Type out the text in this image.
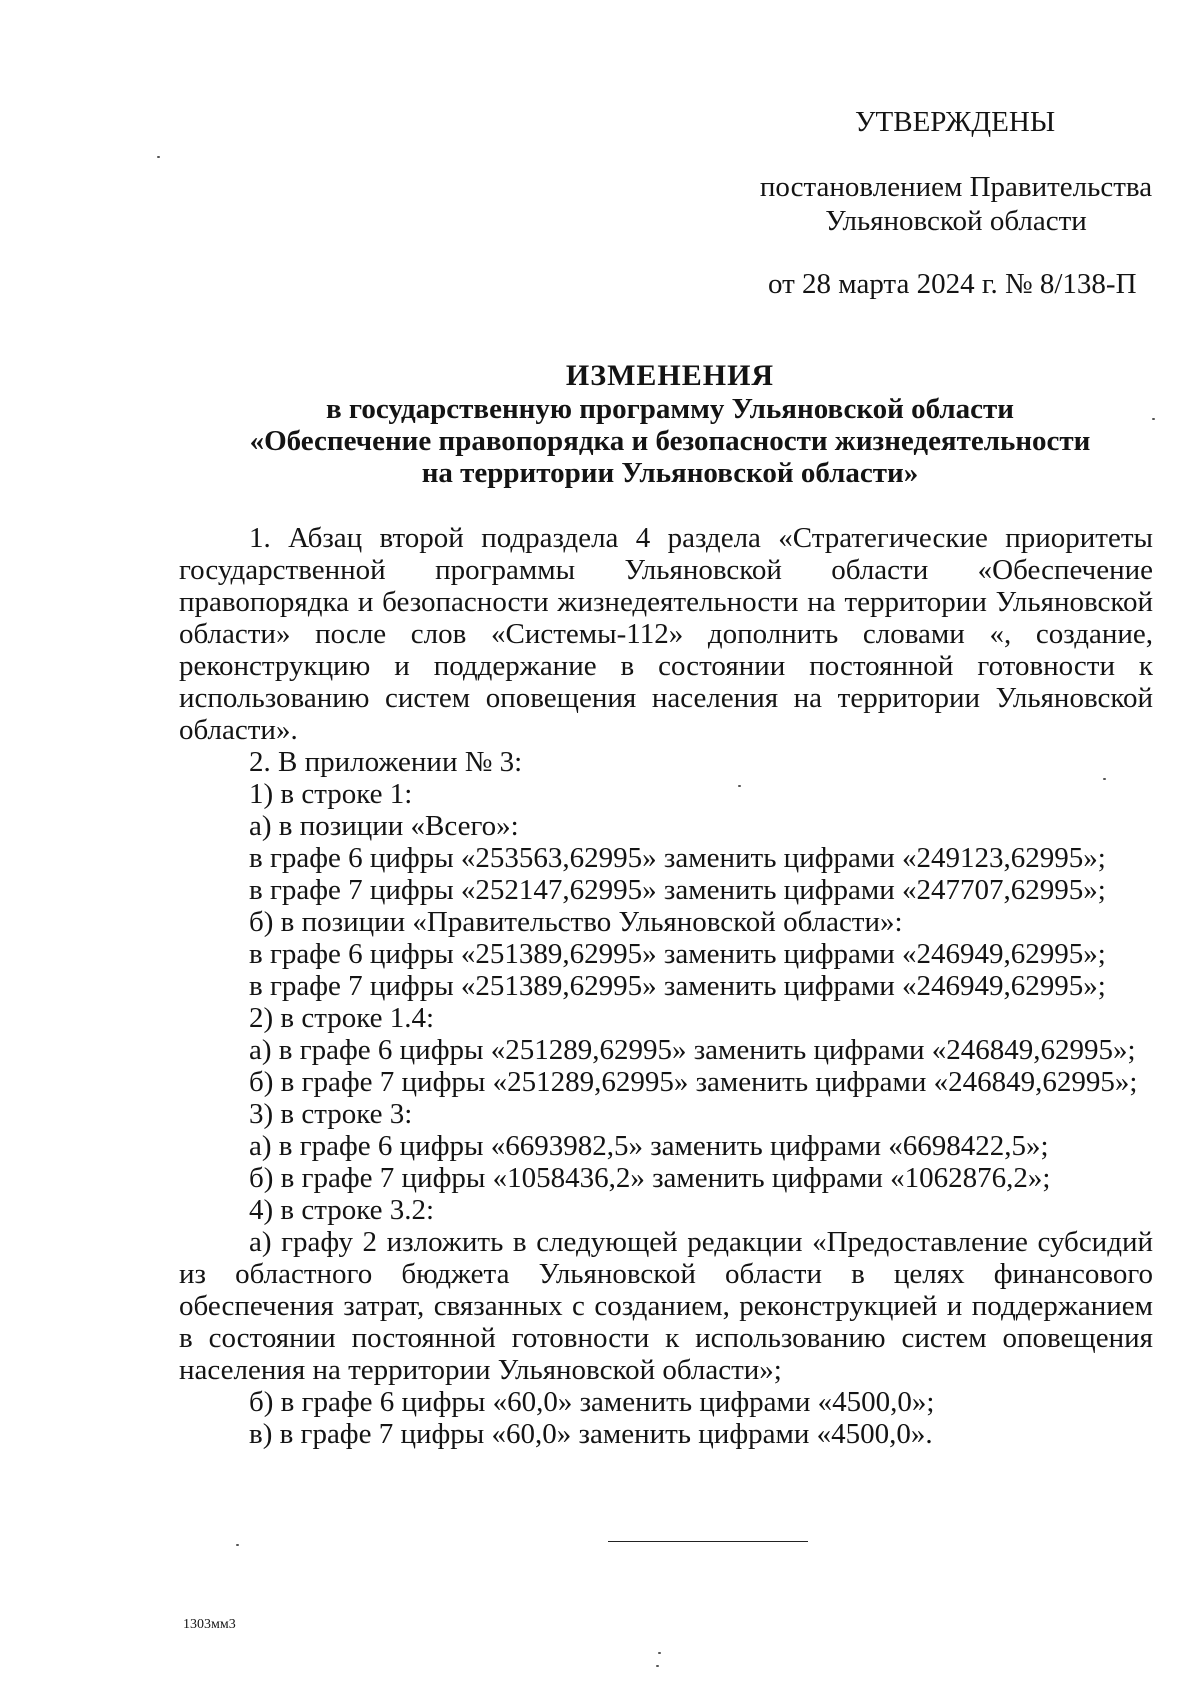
УТВЕРЖДЕНЫ
постановлением Правительства
Ульяновской области
от 28 марта 2024 г. № 8/138-П
ИЗМЕНЕНИЯ
в государственную программу Ульяновской области
«Обеспечение правопорядка и безопасности жизнедеятельности
на территории Ульяновской области»

1. Абзац второй подраздела 4 раздела «Стратегические приоритеты государственной программы Ульяновской области «Обеспечение правопорядка и безопасности жизнедеятельности на территории Ульяновской области» после слов «Системы-112» дополнить словами «, создание, реконструкцию и поддержание в состоянии постоянной готовности к использованию систем оповещения населения на территории Ульяновской области».

2. В приложении № 3:

1) в строке 1:

а) в позиции «Всего»:

в графе 6 цифры «253563,62995» заменить цифрами «249123,62995»;

в графе 7 цифры «252147,62995» заменить цифрами «247707,62995»;

б) в позиции «Правительство Ульяновской области»:

в графе 6 цифры «251389,62995» заменить цифрами «246949,62995»;

в графе 7 цифры «251389,62995» заменить цифрами «246949,62995»;

2) в строке 1.4:

а) в графе 6 цифры «251289,62995» заменить цифрами «246849,62995»;

б) в графе 7 цифры «251289,62995» заменить цифрами «246849,62995»;

3) в строке 3:

а) в графе 6 цифры «6693982,5» заменить цифрами «6698422,5»;

б) в графе 7 цифры «1058436,2» заменить цифрами «1062876,2»;

4) в строке 3.2:

а) графу 2 изложить в следующей редакции «Предоставление субсидий из областного бюджета Ульяновской области в целях финансового обеспечения затрат, связанных с созданием, реконструкцией и поддержанием в состоянии постоянной готовности к использованию систем оповещения населения на территории Ульяновской области»;

б) в графе 6 цифры «60,0» заменить цифрами «4500,0»;

в) в графе 7 цифры «60,0» заменить цифрами «4500,0».

1303мм3
